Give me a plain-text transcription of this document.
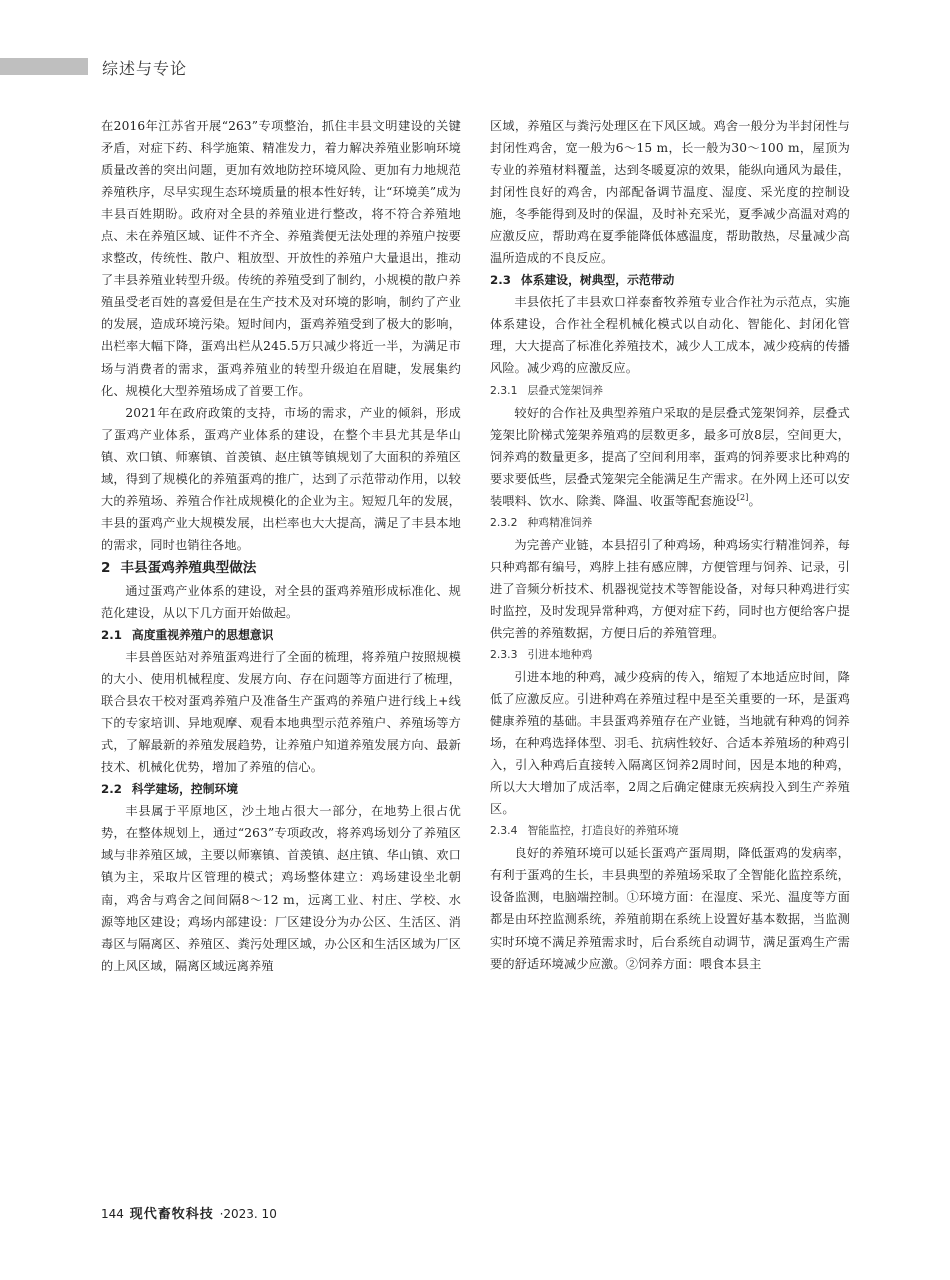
综述与专论

在2016年江苏省开展“263”专项整治，抓住丰县文明建设的关键矛盾，对症下药、科学施策、精准发力，着力解决养殖业影响环境质量改善的突出问题，更加有效地防控环境风险、更加有力地规范养殖秩序，尽早实现生态环境质量的根本性好转，让“环境美”成为丰县百姓期盼。政府对全县的养殖业进行整改，将不符合养殖地点、未在养殖区域、证件不齐全、养殖粪便无法处理的养殖户按要求整改，传统性、散户、粗放型、开放性的养殖户大量退出，推动了丰县养殖业转型升级。传统的养殖受到了制约，小规模的散户养殖虽受老百姓的喜爱但是在生产技术及对环境的影响，制约了产业的发展，造成环境污染。短时间内，蛋鸡养殖受到了极大的影响，出栏率大幅下降，蛋鸡出栏从245.5万只减少将近一半，为满足市场与消费者的需求，蛋鸡养殖业的转型升级迫在眉睫，发展集约化、规模化大型养殖场成了首要工作。

2021年在政府政策的支持，市场的需求，产业的倾斜，形成了蛋鸡产业体系，蛋鸡产业体系的建设，在整个丰县尤其是华山镇、欢口镇、师寨镇、首羡镇、赵庄镇等镇规划了大面积的养殖区域，得到了规模化的养殖蛋鸡的推广，达到了示范带动作用，以较大的养殖场、养殖合作社成规模化的企业为主。短短几年的发展，丰县的蛋鸡产业大规模发展，出栏率也大大提高，满足了丰县本地的需求，同时也销往各地。

2 丰县蛋鸡养殖典型做法

通过蛋鸡产业体系的建设，对全县的蛋鸡养殖形成标准化、规范化建设，从以下几方面开始做起。

2.1 高度重视养殖户的思想意识

丰县兽医站对养殖蛋鸡进行了全面的梳理，将养殖户按照规模的大小、使用机械程度、发展方向、存在问题等方面进行了梳理，联合县农干校对蛋鸡养殖户及准备生产蛋鸡的养殖户进行线上+线下的专家培训、异地观摩、观看本地典型示范养殖户、养殖场等方式，了解最新的养殖发展趋势，让养殖户知道养殖发展方向、最新技术、机械化优势，增加了养殖的信心。

2.2 科学建场，控制环境

丰县属于平原地区，沙土地占很大一部分，在地势上很占优势，在整体规划上，通过“263”专项政改，将养鸡场划分了养殖区域与非养殖区域，主要以师寨镇、首羡镇、赵庄镇、华山镇、欢口镇为主，采取片区管理的模式；鸡场整体建立：鸡场建设坐北朝南，鸡舍与鸡舍之间间隔8～12 m，远离工业、村庄、学校、水源等地区建设；鸡场内部建设：厂区建设分为办公区、生活区、消毒区与隔离区、养殖区、粪污处理区域，办公区和生活区域为厂区的上风区域，隔离区域远离养殖

区域，养殖区与粪污处理区在下风区域。鸡舍一般分为半封闭性与封闭性鸡舍，宽一般为6～15 m，长一般为30～100 m，屋顶为专业的养殖材料覆盖，达到冬暖夏凉的效果，能纵向通风为最佳，封闭性良好的鸡舍，内部配备调节温度、湿度、采光度的控制设施，冬季能得到及时的保温，及时补充采光，夏季减少高温对鸡的应激反应，帮助鸡在夏季能降低体感温度，帮助散热，尽量减少高温所造成的不良反应。

2.3 体系建设，树典型，示范带动

丰县依托了丰县欢口祥泰畜牧养殖专业合作社为示范点，实施体系建设，合作社全程机械化模式以自动化、智能化、封闭化管理，大大提高了标准化养殖技术，减少人工成本，减少疫病的传播风险。减少鸡的应激反应。

2.3.1 层叠式笼架饲养

较好的合作社及典型养殖户采取的是层叠式笼架饲养，层叠式笼架比阶梯式笼架养殖鸡的层数更多，最多可放8层，空间更大，饲养鸡的数量更多，提高了空间利用率，蛋鸡的饲养要求比种鸡的要求要低些，层叠式笼架完全能满足生产需求。在外网上还可以安装喂料、饮水、除粪、降温、收蛋等配套施设[2]。

2.3.2 种鸡精准饲养

为完善产业链，本县招引了种鸡场，种鸡场实行精准饲养，每只种鸡都有编号，鸡脖上挂有感应牌，方便管理与饲养、记录，引进了音频分析技术、机器视觉技术等智能设备，对每只种鸡进行实时监控，及时发现异常种鸡，方便对症下药，同时也方便给客户提供完善的养殖数据，方便日后的养殖管理。

2.3.3 引进本地种鸡

引进本地的种鸡，减少疫病的传入，缩短了本地适应时间，降低了应激反应。引进种鸡在养殖过程中是至关重要的一环，是蛋鸡健康养殖的基础。丰县蛋鸡养殖存在产业链，当地就有种鸡的饲养场，在种鸡选择体型、羽毛、抗病性较好、合适本养殖场的种鸡引入，引入种鸡后直接转入隔离区饲养2周时间，因是本地的种鸡，所以大大增加了成活率，2周之后确定健康无疾病投入到生产养殖区。

2.3.4 智能监控，打造良好的养殖环境

良好的养殖环境可以延长蛋鸡产蛋周期，降低蛋鸡的发病率，有利于蛋鸡的生长，丰县典型的养殖场采取了全智能化监控系统，设备监测，电脑端控制。①环境方面：在湿度、采光、温度等方面都是由环控监测系统，养殖前期在系统上设置好基本数据，当监测实时环境不满足养殖需求时，后台系统自动调节，满足蛋鸡生产需要的舒适环境减少应激。②饲养方面：喂食本县主

144 现代畜牧科技 ·2023. 10
